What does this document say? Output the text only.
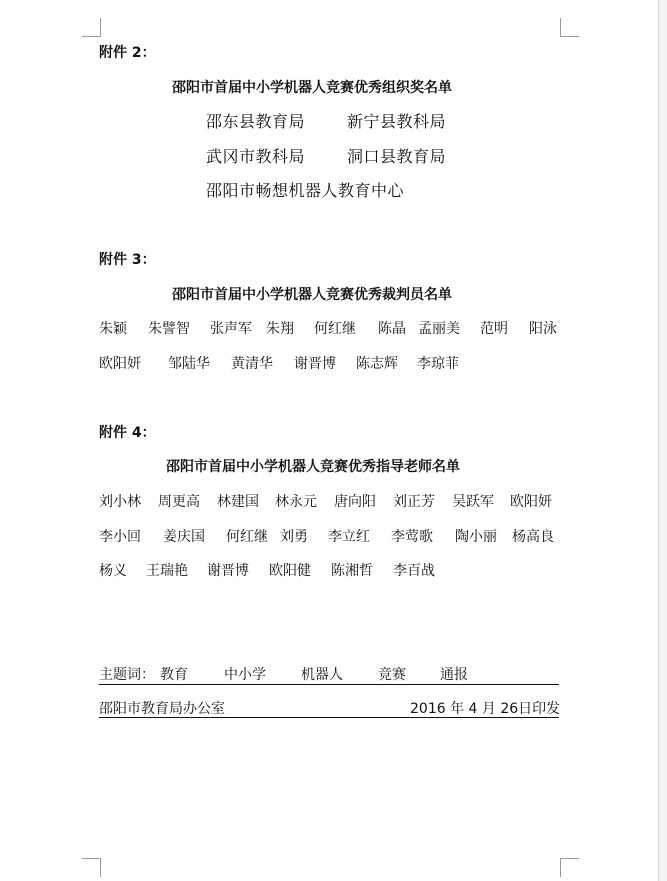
附件 2：
邵阳市首届中小学机器人竞赛优秀组织奖名单
邵东县教育局	新宁县教科局
武冈市教科局	洞口县教育局
邵阳市畅想机器人教育中心
附件 3：
邵阳市首届中小学机器人竞赛优秀裁判员名单
朱颖 朱譬智 张声军 朱翔 何红继 陈晶 孟丽美 范明 阳泳
欧阳妍 邹陆华 黄清华 谢晋博 陈志辉 李琼菲
附件 4：
邵阳市首届中小学机器人竞赛优秀指导老师名单
刘小林 周更高 林建国 林永元 唐向阳 刘正芳 吴跃军 欧阳妍
李小回 姜庆国 何红继 刘勇 李立红 李莺歌 陶小丽 杨高良
杨义 王瑞艳 谢晋博 欧阳健 陈湘哲 李百战
主题词： 教育	中小学	机器人	竞赛 通报
邵阳市教育局办公室	2016 年 4 月 26日印发
